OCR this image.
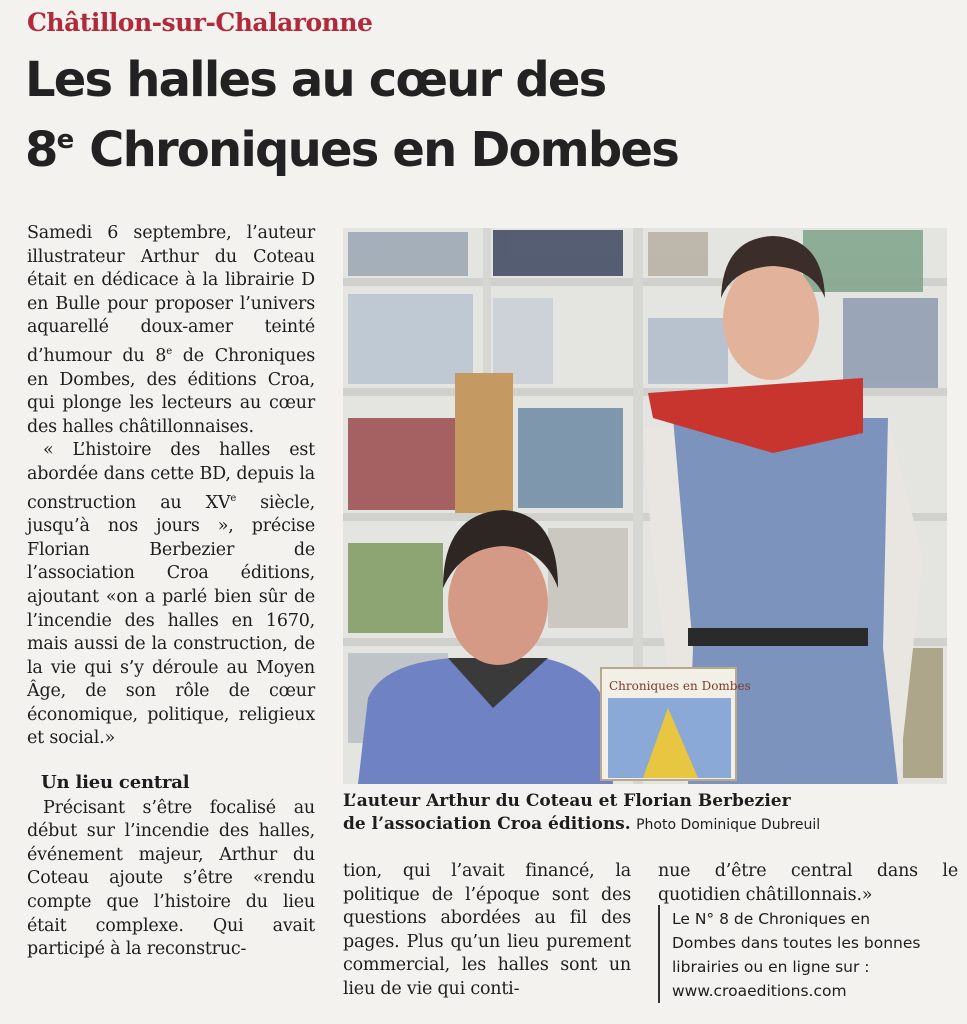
Châtillon-sur-Chalaronne
Les halles au cœur des
8e Chroniques en Dombes

Samedi 6 septembre, l’auteur illustrateur Arthur du Coteau était en dédicace à la librairie D en Bulle pour proposer l’univers aquarellé doux-amer teinté d’humour du 8e de Chroniques en Dombes, des éditions Croa, qui plonge les lecteurs au cœur des halles châtillonnaises.

« L’histoire des halles est abordée dans cette BD, depuis la construction au XVe siècle, jusqu’à nos jours », précise Florian Berbezier de l’association Croa éditions, ajoutant «on a parlé bien sûr de l’incendie des halles en 1670, mais aussi de la construction, de la vie qui s’y déroule au Moyen Âge, de son rôle de cœur économique, politique, religieux et social.»

Un lieu central

Précisant s’être focalisé au début sur l’incendie des halles, événement majeur, Arthur du Coteau ajoute s’être «rendu compte que l’histoire du lieu était complexe. Qui avait participé à la reconstruc-

Chroniques en Dombes
L’auteur Arthur du Coteau et Florian Berbezier
de l’association Croa éditions. Photo Dominique Dubreuil

tion, qui l’avait financé, la politique de l’époque sont des questions abordées au fil des pages. Plus qu’un lieu purement commercial, les halles sont un lieu de vie qui conti-

nue d’être central dans le quotidien châtillonnais.»

Le N° 8 de Chroniques en

Dombes dans toutes les bonnes

librairies ou en ligne sur :

www.croaeditions.com
